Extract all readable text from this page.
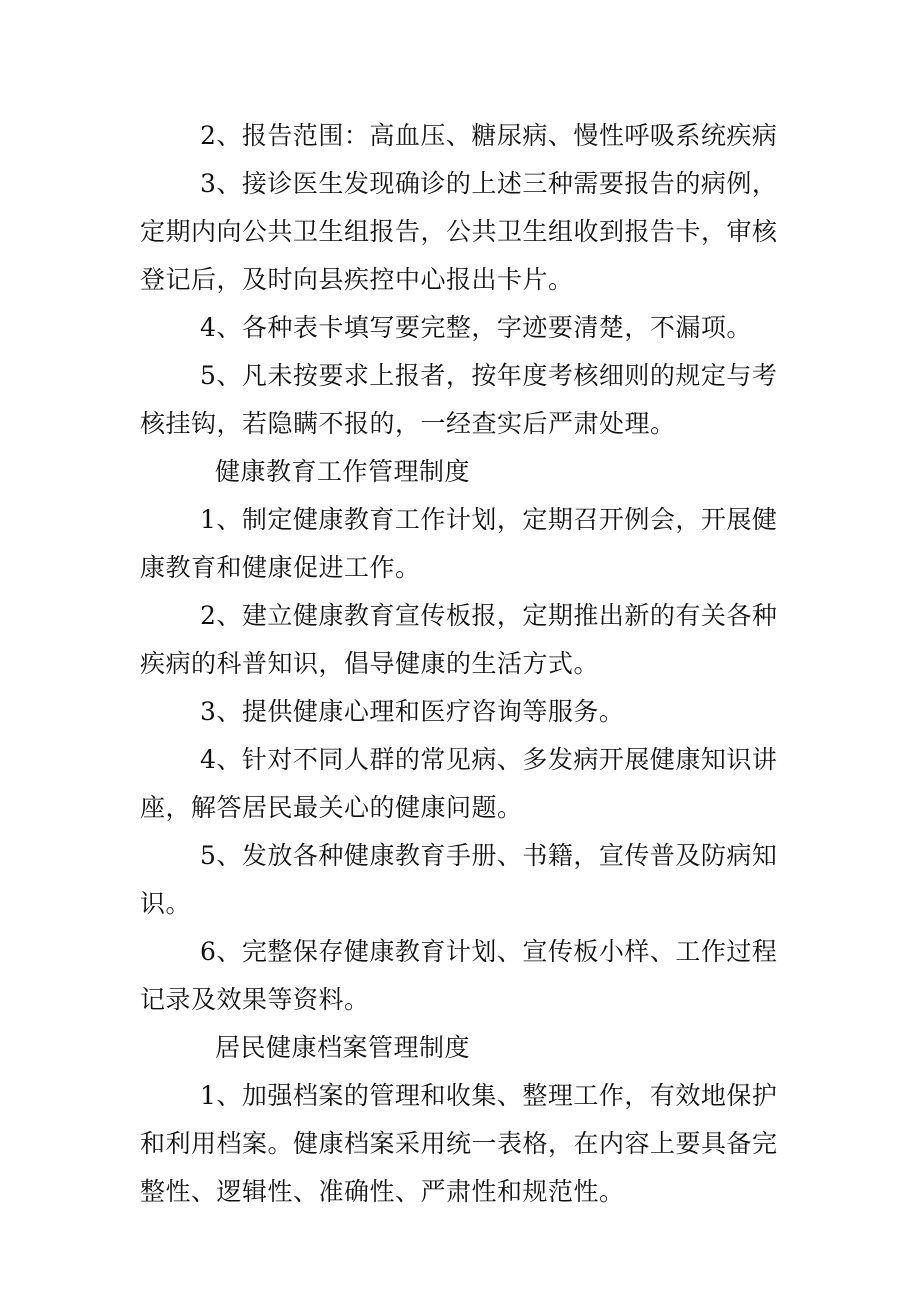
2、报告范围：高血压、糖尿病、慢性呼吸系统疾病

3、接诊医生发现确诊的上述三种需要报告的病例，定期内向公共卫生组报告，公共卫生组收到报告卡，审核登记后，及时向县疾控中心报出卡片。

4、各种表卡填写要完整，字迹要清楚，不漏项。

5、凡未按要求上报者，按年度考核细则的规定与考核挂钩，若隐瞒不报的，一经查实后严肃处理。

健康教育工作管理制度

1、制定健康教育工作计划，定期召开例会，开展健康教育和健康促进工作。

2、建立健康教育宣传板报，定期推出新的有关各种疾病的科普知识，倡导健康的生活方式。

3、提供健康心理和医疗咨询等服务。

4、针对不同人群的常见病、多发病开展健康知识讲座，解答居民最关心的健康问题。

5、发放各种健康教育手册、书籍，宣传普及防病知识。

6、完整保存健康教育计划、宣传板小样、工作过程记录及效果等资料。

居民健康档案管理制度

1、加强档案的管理和收集、整理工作，有效地保护和利用档案。健康档案采用统一表格，在内容上要具备完整性、逻辑性、准确性、严肃性和规范性。
